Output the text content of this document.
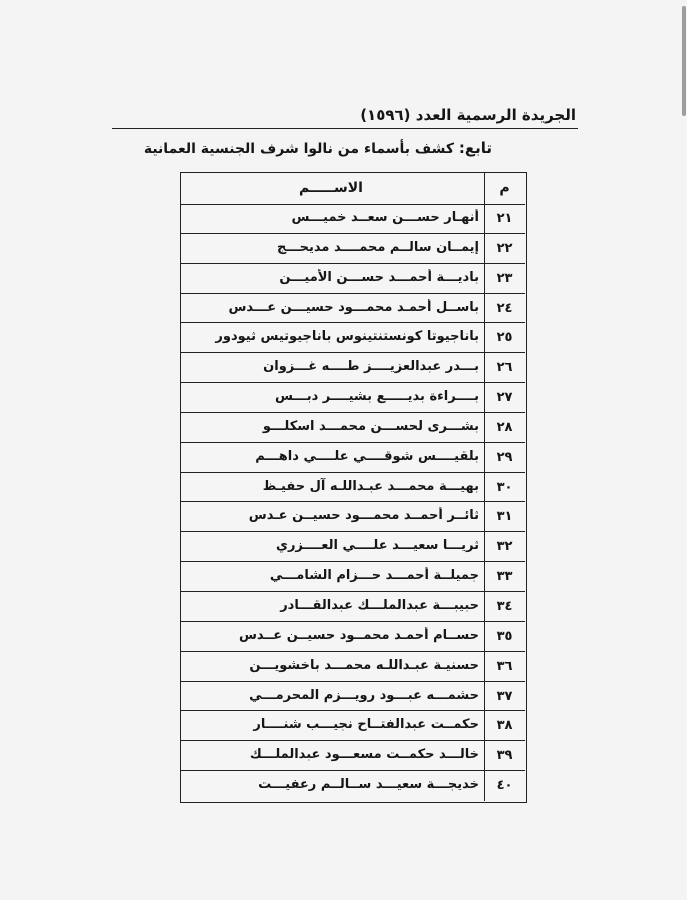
الجريدة الرسمية العدد (١٥٩٦)
تابع: كشف بأسماء من نالوا شرف الجنسية العمانية
الاســـــم	م
أنهـار حســـن سعــد خميـــس	٢١
إيمــان سالــم محمــــد مديحـــج	٢٢
باديـــة أحمـــد حســـن الأميـــن	٢٣
باســل أحمـد محمـــود حسيـــن عـــدس	٢٤
باناجيوتا كونستنتينوس باناجيوتيس ثيودور	٢٥
بـــدر عبدالعزيــــز طــــه غـــزوان	٢٦
بــــراءة بديـــــع بشيــــر دبـــس	٢٧
بشـــرى لحســـن محمـــد اسكلـــو	٢٨
بلقيــــس شوقــــي علــــي داهـــم	٢٩
بهيـــة محمـــد عبـداللـه آل حفيـظ	٣٠
ثائــر أحمــد محمـــود حسيــن عـدس	٣١
ثريـــا سعيـــد علــــي العــــزري	٣٢
جميلــة أحمـــد حـــزام الشامـــي	٣٣
حبيبـــة عبدالملـــك عبدالقـــادر	٣٤
حســام أحمـد محمــود حسيــن عــدس	٣٥
حسنيـة عبـداللـه محمـــد باخشويـــن	٣٦
حشمـــه عبـــود رويـــزم المحرمـــي	٣٧
حكمــت عبدالفتــاح نجيـــب شنــــار	٣٨
خالـــد حكمــت مسعـــود عبدالملـــك	٣٩
خديجـــة سعيـــد ســالــم رعفيـــت	٤٠
